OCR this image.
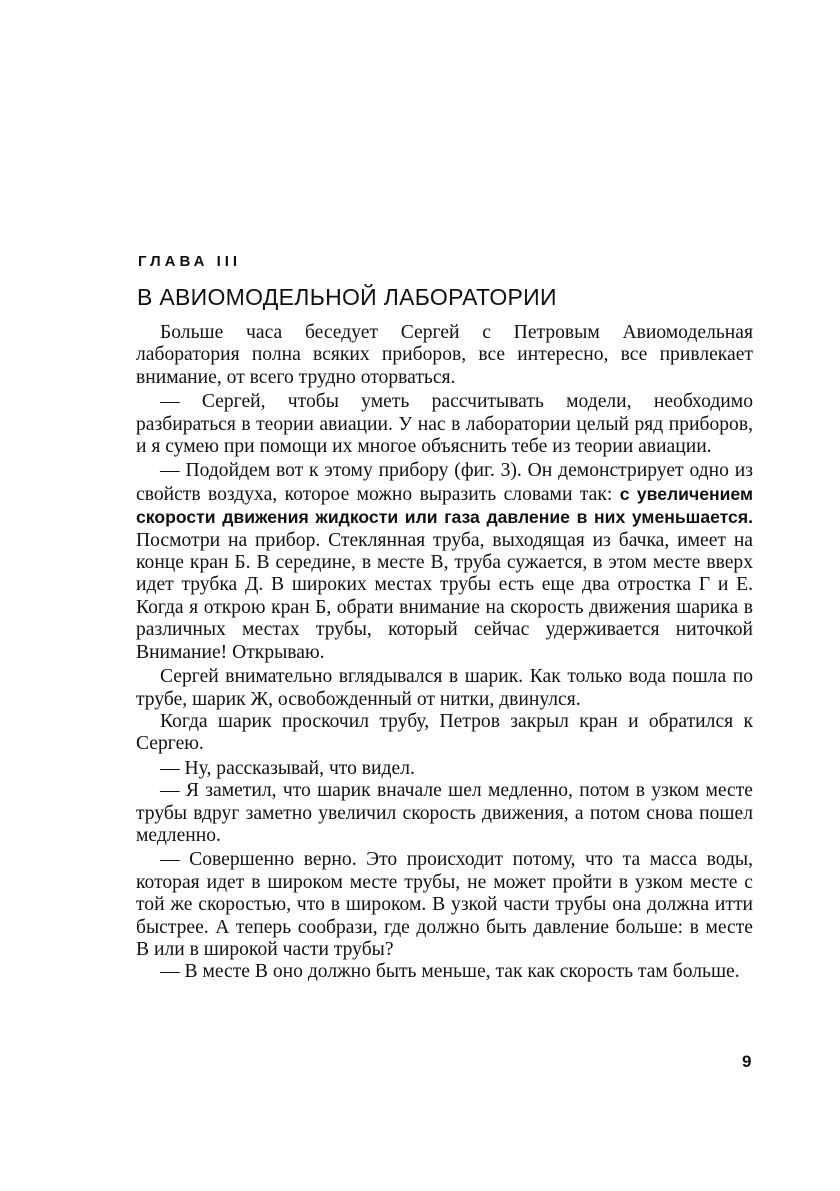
ГЛАВА III
В АВИОМОДЕЛЬНОЙ ЛАБОРАТОРИИ

Больше часа беседует Сергей с Петровым Авиомодельная лаборатория полна всяких приборов, все интересно, все привлекает внимание, от всего трудно оторваться.

— Сергей, чтобы уметь рассчитывать модели, необходимо разбираться в теории авиации. У нас в лаборатории целый ряд приборов, и я сумею при помощи их многое объяснить тебе из теории авиации.

— Подойдем вот к этому прибору (фиг. 3). Он демонстрирует одно из свойств воздуха, которое можно выразить словами так: с увеличением скорости движения жидкости или газа давление в них уменьшается. Посмотри на прибор. Стеклянная труба, выходящая из бачка, имеет на конце кран Б. В середине, в месте В, труба сужается, в этом месте вверх идет трубка Д. В широких местах трубы есть еще два отростка Г и Е. Когда я открою кран Б, обрати внимание на скорость движения шарика в различных местах трубы, который сейчас удерживается ниточкой Внимание! Открываю.

Сергей внимательно вглядывался в шарик. Как только вода пошла по трубе, шарик Ж, освобожденный от нитки, двинулся.

Когда шарик проскочил трубу, Петров закрыл кран и обратился к Сергею.

— Ну, рассказывай, что видел.

— Я заметил, что шарик вначале шел медленно, потом в узком месте трубы вдруг заметно увеличил скорость движения, а потом снова пошел медленно.

— Совершенно верно. Это происходит потому, что та масса воды, которая идет в широком месте трубы, не может пройти в узком месте с той же скоростью, что в широком. В узкой части трубы она должна итти быстрее. А теперь сообрази, где должно быть давление больше: в месте В или в широкой части трубы?

— В месте В оно должно быть меньше, так как скорость там больше.

9
